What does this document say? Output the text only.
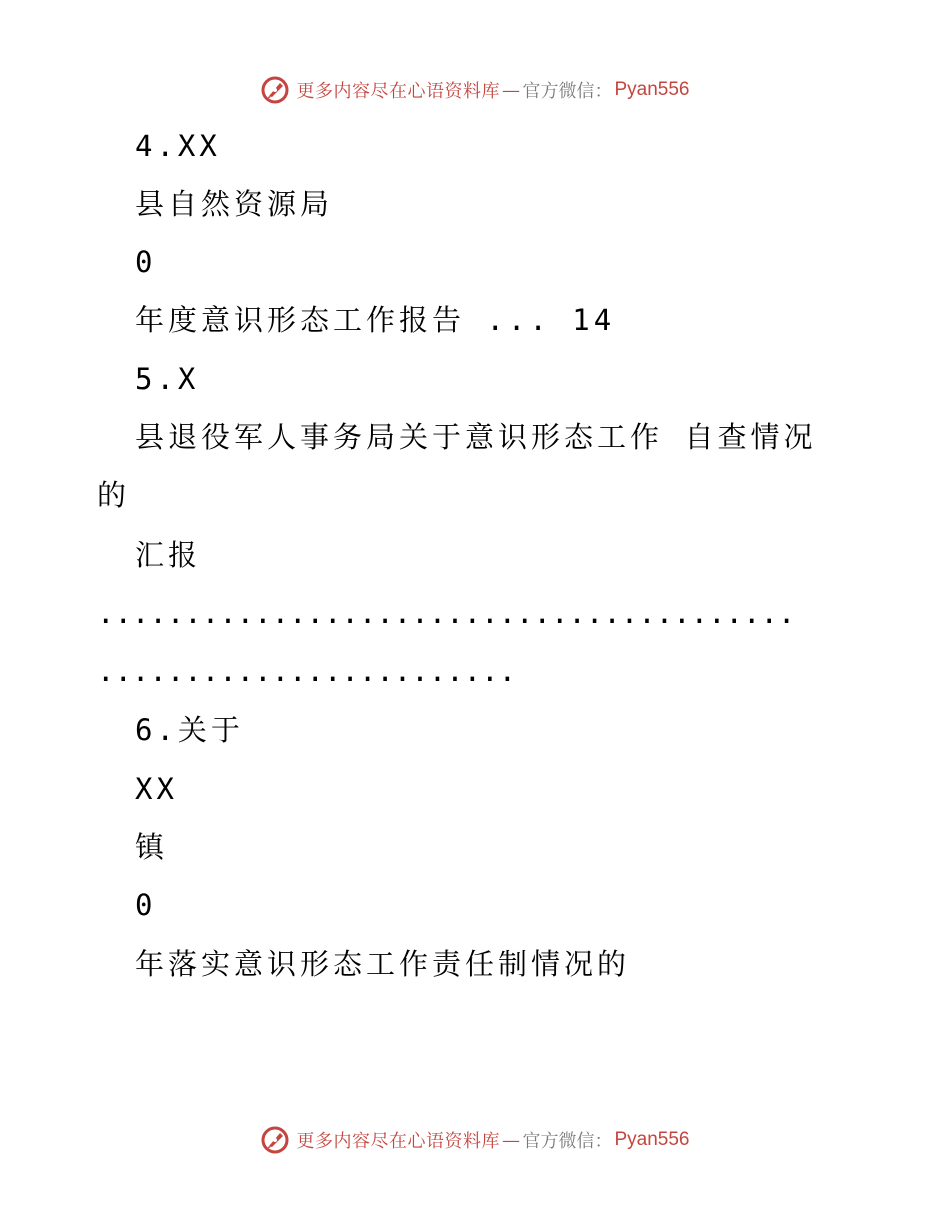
更多内容尽在心语资料库 — 官方微信： Pyan556
4.XX
县自然资源局
0
年度意识形态工作报告 ... 14
5.X
县退役军人事务局关于意识形态工作 自查情况
的
汇报
........................................
........................
6.关于
XX
镇
0
年落实意识形态工作责任制情况的
更多内容尽在心语资料库 — 官方微信： Pyan556
